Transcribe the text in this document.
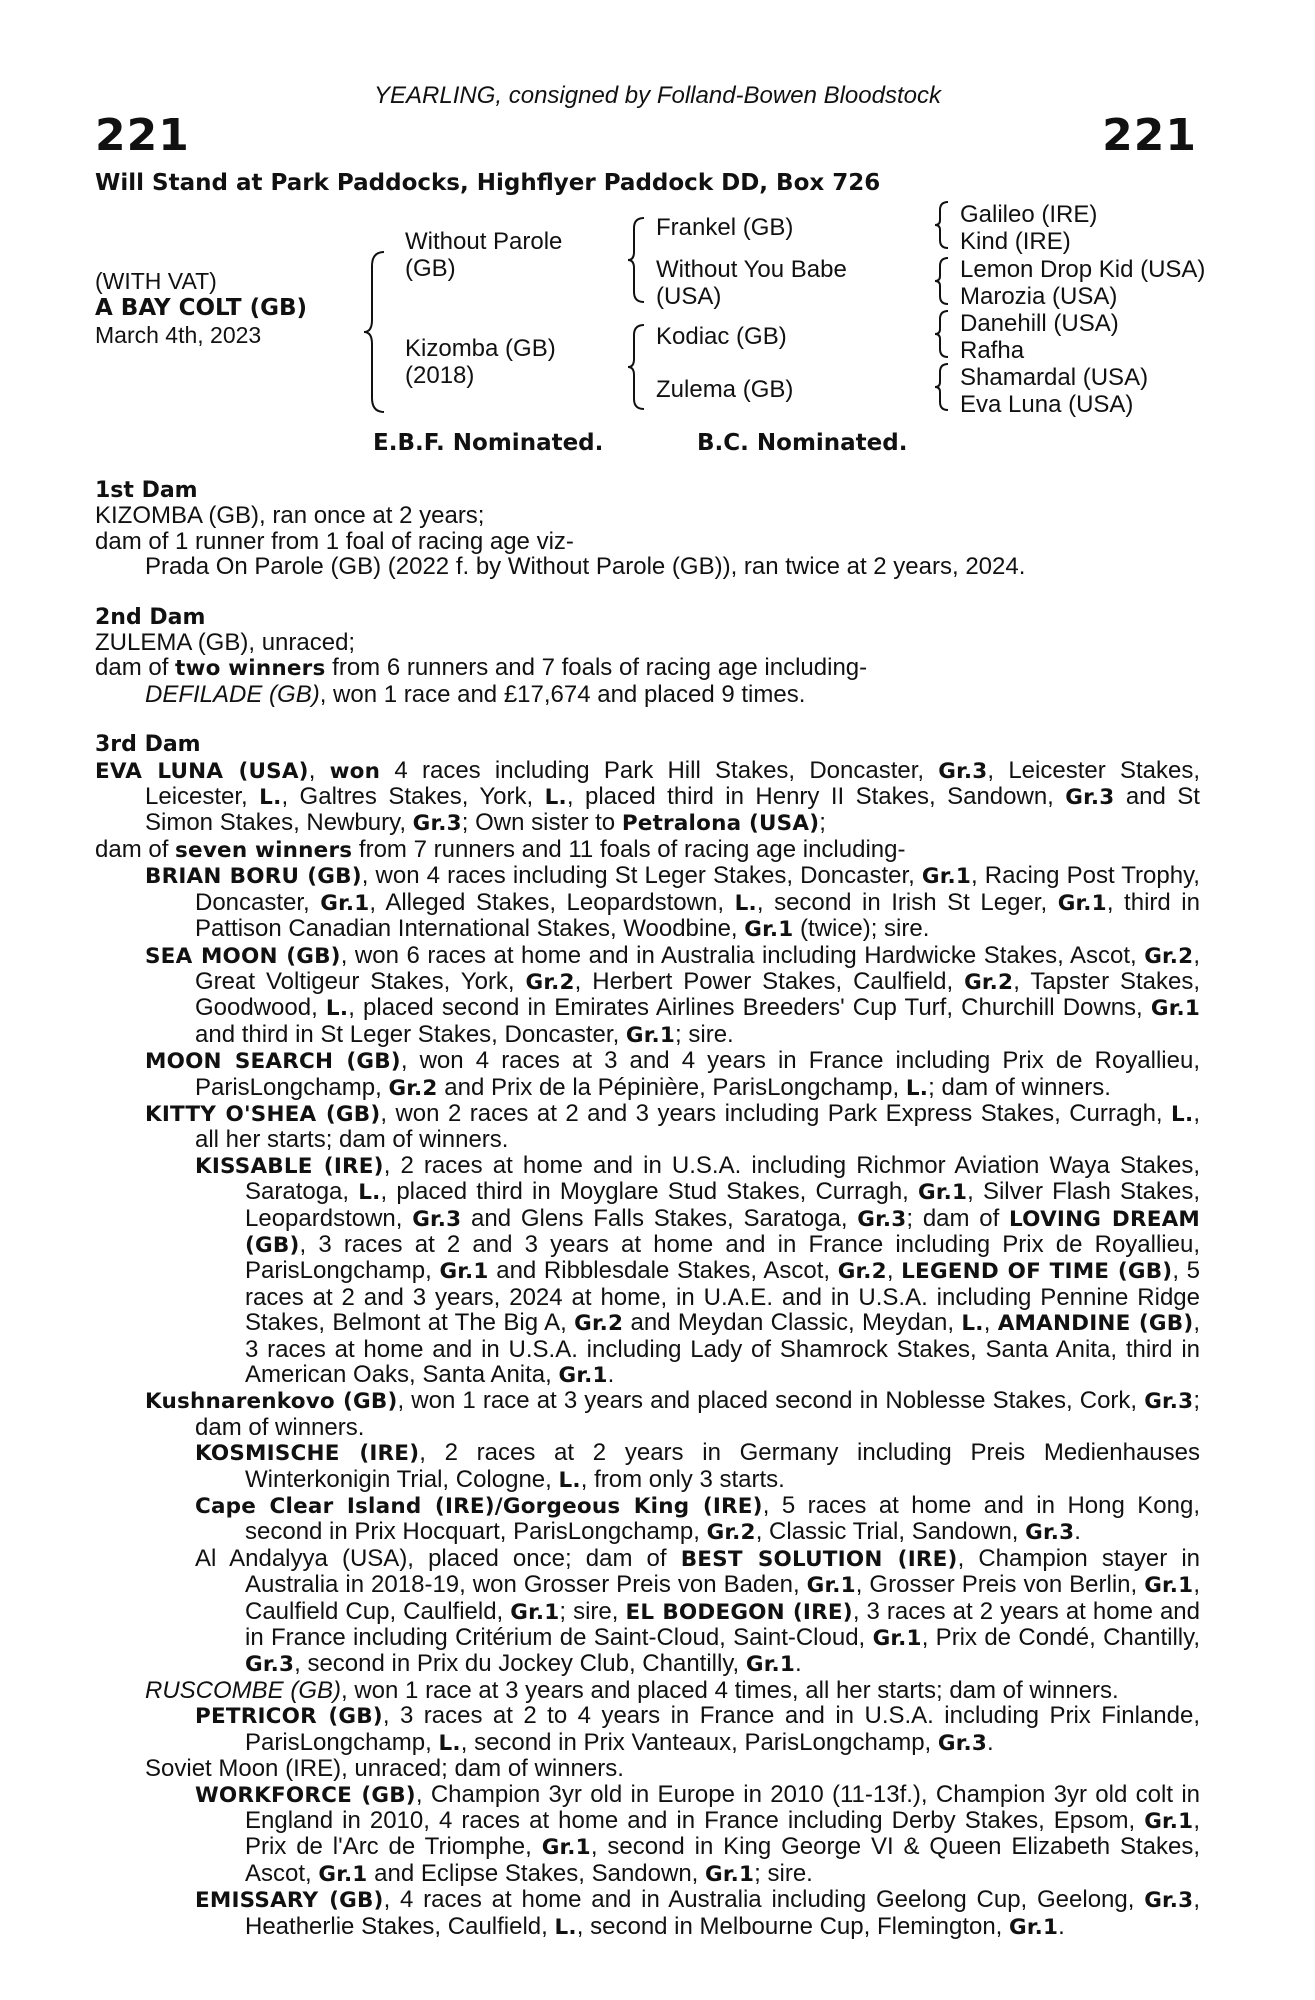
YEARLING, consigned by Folland-Bowen Bloodstock
221	221
Will Stand at Park Paddocks, Highflyer Paddock DD, Box 726
(WITH VAT)
A BAY COLT (GB)
March 4th, 2023
Without Parole (GB)
Kizomba (GB) (2018)
Frankel (GB)
Without You Babe (USA)
Kodiac (GB)
Zulema (GB)
Galileo (IRE)
Kind (IRE)
Lemon Drop Kid (USA)
Marozia (USA)
Danehill (USA)
Rafha
Shamardal (USA)
Eva Luna (USA)
E.B.F. Nominated.	B.C. Nominated.
1st Dam
KIZOMBA (GB), ran once at 2 years;
dam of 1 runner from 1 foal of racing age viz-
Prada On Parole (GB) (2022 f. by Without Parole (GB)), ran twice at 2 years, 2024.
2nd Dam
ZULEMA (GB), unraced;
dam of two winners from 6 runners and 7 foals of racing age including-
DEFILADE (GB), won 1 race and £17,674 and placed 9 times.
3rd Dam
EVA LUNA (USA), won 4 races including Park Hill Stakes, Doncaster, Gr.3, Leicester Stakes, Leicester, L., Galtres Stakes, York, L., placed third in Henry II Stakes, Sandown, Gr.3 and St Simon Stakes, Newbury, Gr.3; Own sister to Petralona (USA);
dam of seven winners from 7 runners and 11 foals of racing age including-
BRIAN BORU (GB), won 4 races including St Leger Stakes, Doncaster, Gr.1, Racing Post Trophy, Doncaster, Gr.1, Alleged Stakes, Leopardstown, L., second in Irish St Leger, Gr.1, third in Pattison Canadian International Stakes, Woodbine, Gr.1 (twice); sire.
SEA MOON (GB), won 6 races at home and in Australia including Hardwicke Stakes, Ascot, Gr.2, Great Voltigeur Stakes, York, Gr.2, Herbert Power Stakes, Caulfield, Gr.2, Tapster Stakes, Goodwood, L., placed second in Emirates Airlines Breeders' Cup Turf, Churchill Downs, Gr.1 and third in St Leger Stakes, Doncaster, Gr.1; sire.
MOON SEARCH (GB), won 4 races at 3 and 4 years in France including Prix de Royallieu, ParisLongchamp, Gr.2 and Prix de la Pépinière, ParisLongchamp, L.; dam of winners.
KITTY O'SHEA (GB), won 2 races at 2 and 3 years including Park Express Stakes, Curragh, L., all her starts; dam of winners.
KISSABLE (IRE), 2 races at home and in U.S.A. including Richmor Aviation Waya Stakes, Saratoga, L., placed third in Moyglare Stud Stakes, Curragh, Gr.1, Silver Flash Stakes, Leopardstown, Gr.3 and Glens Falls Stakes, Saratoga, Gr.3; dam of LOVING DREAM (GB), 3 races at 2 and 3 years at home and in France including Prix de Royallieu, ParisLongchamp, Gr.1 and Ribblesdale Stakes, Ascot, Gr.2, LEGEND OF TIME (GB), 5 races at 2 and 3 years, 2024 at home, in U.A.E. and in U.S.A. including Pennine Ridge Stakes, Belmont at The Big A, Gr.2 and Meydan Classic, Meydan, L., AMANDINE (GB), 3 races at home and in U.S.A. including Lady of Shamrock Stakes, Santa Anita, third in American Oaks, Santa Anita, Gr.1.
Kushnarenkovo (GB), won 1 race at 3 years and placed second in Noblesse Stakes, Cork, Gr.3; dam of winners.
KOSMISCHE (IRE), 2 races at 2 years in Germany including Preis Medienhauses Winterkonigin Trial, Cologne, L., from only 3 starts.
Cape Clear Island (IRE)/Gorgeous King (IRE), 5 races at home and in Hong Kong, second in Prix Hocquart, ParisLongchamp, Gr.2, Classic Trial, Sandown, Gr.3.
Al Andalyya (USA), placed once; dam of BEST SOLUTION (IRE), Champion stayer in Australia in 2018-19, won Grosser Preis von Baden, Gr.1, Grosser Preis von Berlin, Gr.1, Caulfield Cup, Caulfield, Gr.1; sire, EL BODEGON (IRE), 3 races at 2 years at home and in France including Critérium de Saint-Cloud, Saint-Cloud, Gr.1, Prix de Condé, Chantilly, Gr.3, second in Prix du Jockey Club, Chantilly, Gr.1.
RUSCOMBE (GB), won 1 race at 3 years and placed 4 times, all her starts; dam of winners.
PETRICOR (GB), 3 races at 2 to 4 years in France and in U.S.A. including Prix Finlande, ParisLongchamp, L., second in Prix Vanteaux, ParisLongchamp, Gr.3.
Soviet Moon (IRE), unraced; dam of winners.
WORKFORCE (GB), Champion 3yr old in Europe in 2010 (11-13f.), Champion 3yr old colt in England in 2010, 4 races at home and in France including Derby Stakes, Epsom, Gr.1, Prix de l'Arc de Triomphe, Gr.1, second in King George VI & Queen Elizabeth Stakes, Ascot, Gr.1 and Eclipse Stakes, Sandown, Gr.1; sire.
EMISSARY (GB), 4 races at home and in Australia including Geelong Cup, Geelong, Gr.3, Heatherlie Stakes, Caulfield, L., second in Melbourne Cup, Flemington, Gr.1.
